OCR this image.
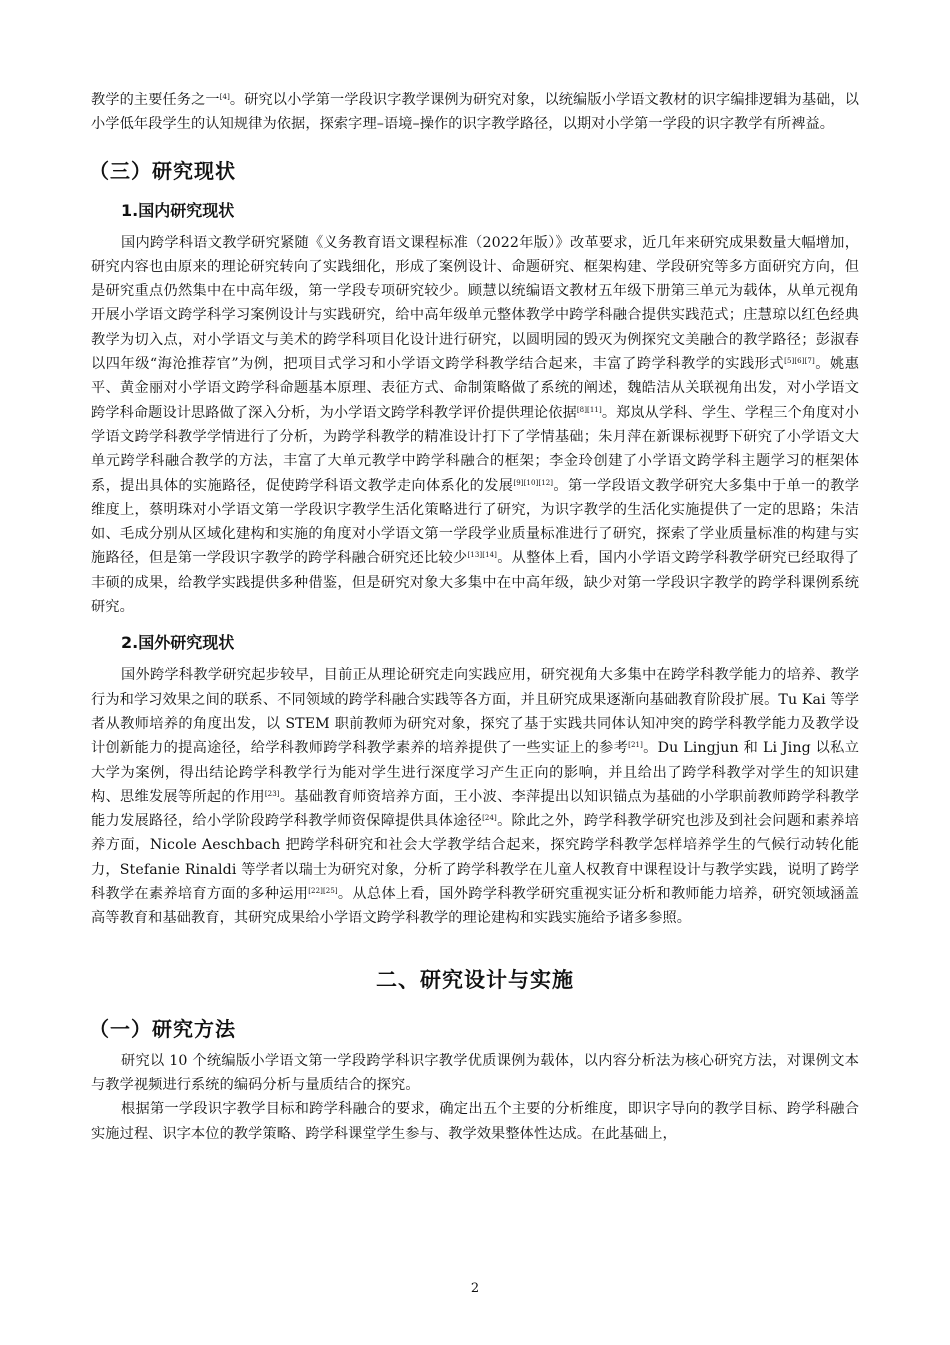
教学的主要任务之一[4]。研究以小学第一学段识字教学课例为研究对象，以统编版小学语文教材的识字编排逻辑为基础，以小学低年段学生的认知规律为依据，探索字理–语境–操作的识字教学路径，以期对小学第一学段的识字教学有所裨益。

（三）研究现状
1.国内研究现状

国内跨学科语文教学研究紧随《义务教育语文课程标准（2022年版）》改革要求，近几年来研究成果数量大幅增加，研究内容也由原来的理论研究转向了实践细化，形成了案例设计、命题研究、框架构建、学段研究等多方面研究方向，但是研究重点仍然集中在中高年级，第一学段专项研究较少。顾慧以统编语文教材五年级下册第三单元为载体，从单元视角开展小学语文跨学科学习案例设计与实践研究，给中高年级单元整体教学中跨学科融合提供实践范式；庄慧琼以红色经典教学为切入点，对小学语文与美术的跨学科项目化设计进行研究，以圆明园的毁灭为例探究文美融合的教学路径；彭淑春以四年级“海沧推荐官”为例，把项目式学习和小学语文跨学科教学结合起来，丰富了跨学科教学的实践形式[5][6][7]。姚惠平、黄金丽对小学语文跨学科命题基本原理、表征方式、命制策略做了系统的阐述，魏皓洁从关联视角出发，对小学语文跨学科命题设计思路做了深入分析，为小学语文跨学科教学评价提供理论依据[8][11]。郑岚从学科、学生、学程三个角度对小学语文跨学科教学学情进行了分析，为跨学科教学的精准设计打下了学情基础；朱月萍在新课标视野下研究了小学语文大单元跨学科融合教学的方法，丰富了大单元教学中跨学科融合的框架；李金玲创建了小学语文跨学科主题学习的框架体系，提出具体的实施路径，促使跨学科语文教学走向体系化的发展[9][10][12]。第一学段语文教学研究大多集中于单一的教学维度上，蔡明珠对小学语文第一学段识字教学生活化策略进行了研究，为识字教学的生活化实施提供了一定的思路；朱洁如、毛成分别从区域化建构和实施的角度对小学语文第一学段学业质量标准进行了研究，探索了学业质量标准的构建与实施路径，但是第一学段识字教学的跨学科融合研究还比较少[13][14]。从整体上看，国内小学语文跨学科教学研究已经取得了丰硕的成果，给教学实践提供多种借鉴，但是研究对象大多集中在中高年级，缺少对第一学段识字教学的跨学科课例系统研究。

2.国外研究现状

国外跨学科教学研究起步较早，目前正从理论研究走向实践应用，研究视角大多集中在跨学科教学能力的培养、教学行为和学习效果之间的联系、不同领域的跨学科融合实践等各方面，并且研究成果逐渐向基础教育阶段扩展。Tu Kai 等学者从教师培养的角度出发，以 STEM 职前教师为研究对象，探究了基于实践共同体认知冲突的跨学科教学能力及教学设计创新能力的提高途径，给学科教师跨学科教学素养的培养提供了一些实证上的参考[21]。Du Lingjun 和 Li Jing 以私立大学为案例，得出结论跨学科教学行为能对学生进行深度学习产生正向的影响，并且给出了跨学科教学对学生的知识建构、思维发展等所起的作用[23]。基础教育师资培养方面，王小波、李萍提出以知识锚点为基础的小学职前教师跨学科教学能力发展路径，给小学阶段跨学科教学师资保障提供具体途径[24]。除此之外，跨学科教学研究也涉及到社会问题和素养培养方面，Nicole Aeschbach 把跨学科研究和社会大学教学结合起来，探究跨学科教学怎样培养学生的气候行动转化能力，Stefanie Rinaldi 等学者以瑞士为研究对象，分析了跨学科教学在儿童人权教育中课程设计与教学实践，说明了跨学科教学在素养培育方面的多种运用[22][25]。从总体上看，国外跨学科教学研究重视实证分析和教师能力培养，研究领域涵盖高等教育和基础教育，其研究成果给小学语文跨学科教学的理论建构和实践实施给予诸多参照。

二、研究设计与实施
（一）研究方法

研究以 10 个统编版小学语文第一学段跨学科识字教学优质课例为载体，以内容分析法为核心研究方法，对课例文本与教学视频进行系统的编码分析与量质结合的探究。

根据第一学段识字教学目标和跨学科融合的要求，确定出五个主要的分析维度，即识字导向的教学目标、跨学科融合实施过程、识字本位的教学策略、跨学科课堂学生参与、教学效果整体性达成。在此基础上，

2
